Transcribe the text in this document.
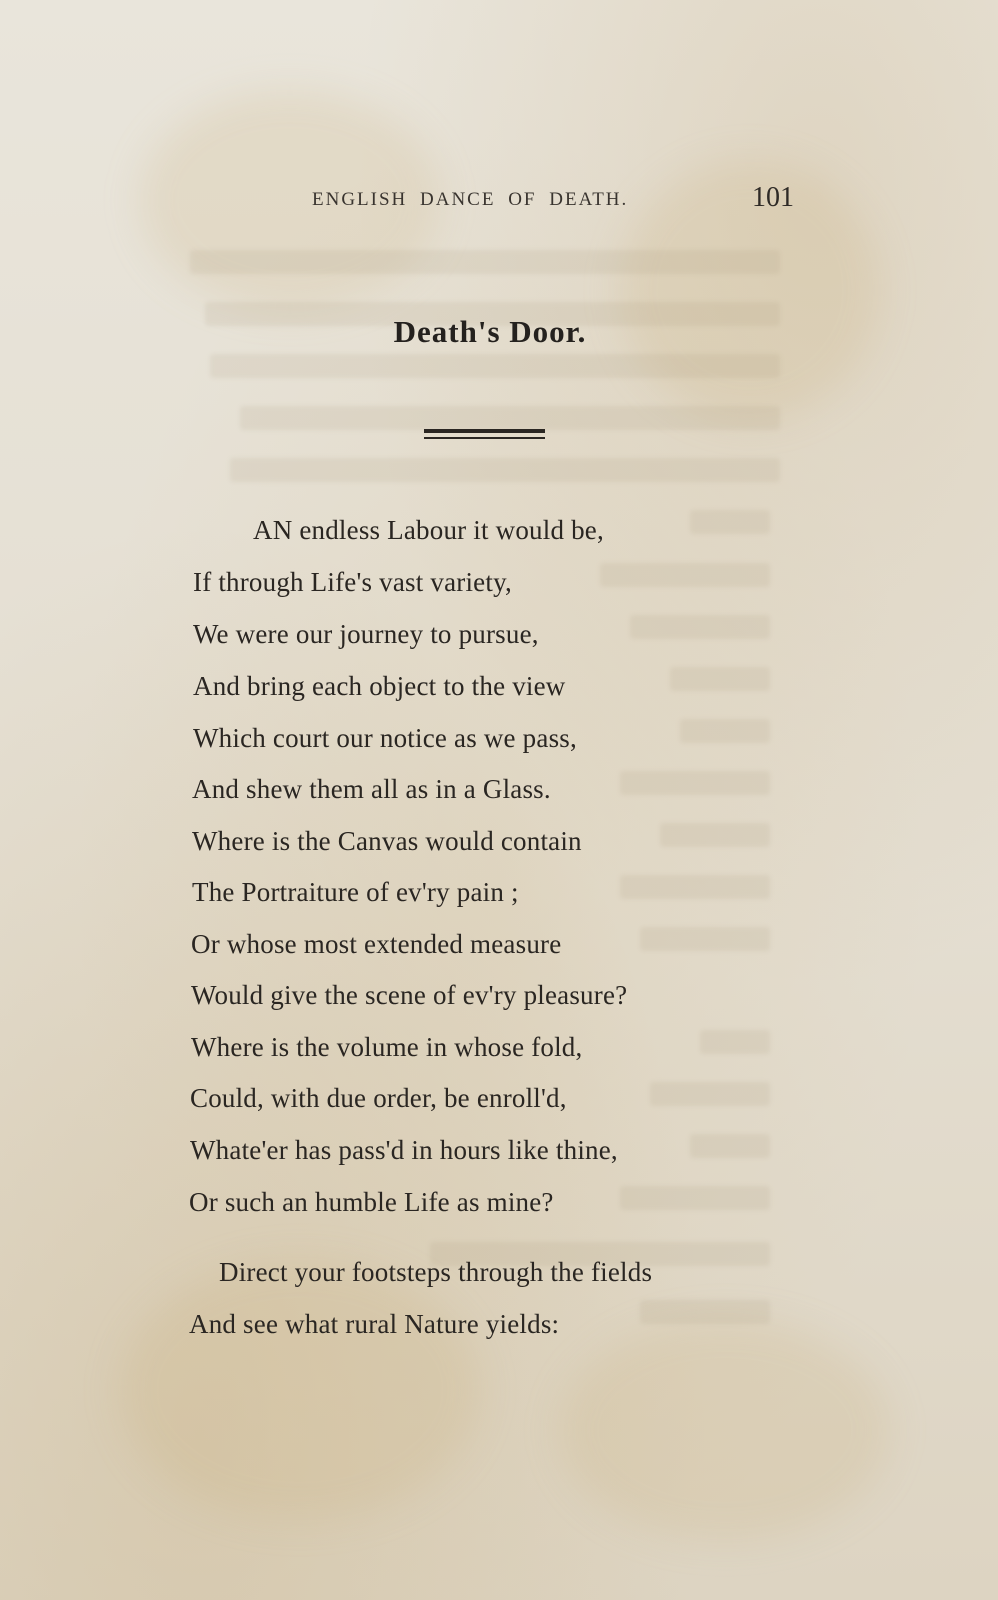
ENGLISH DANCE OF DEATH.	101
Death's Door.
AN endless Labour it would be,
If through Life's vast variety,
We were our journey to pursue,
And bring each object to the view
Which court our notice as we pass,
And shew them all as in a Glass.
Where is the Canvas would contain
The Portraiture of ev'ry pain ;
Or whose most extended measure
Would give the scene of ev'ry pleasure?
Where is the volume in whose fold,
Could, with due order, be enroll'd,
Whate'er has pass'd in hours like thine,
Or such an humble Life as mine?
Direct your footsteps through the fields
And see what rural Nature yields:
